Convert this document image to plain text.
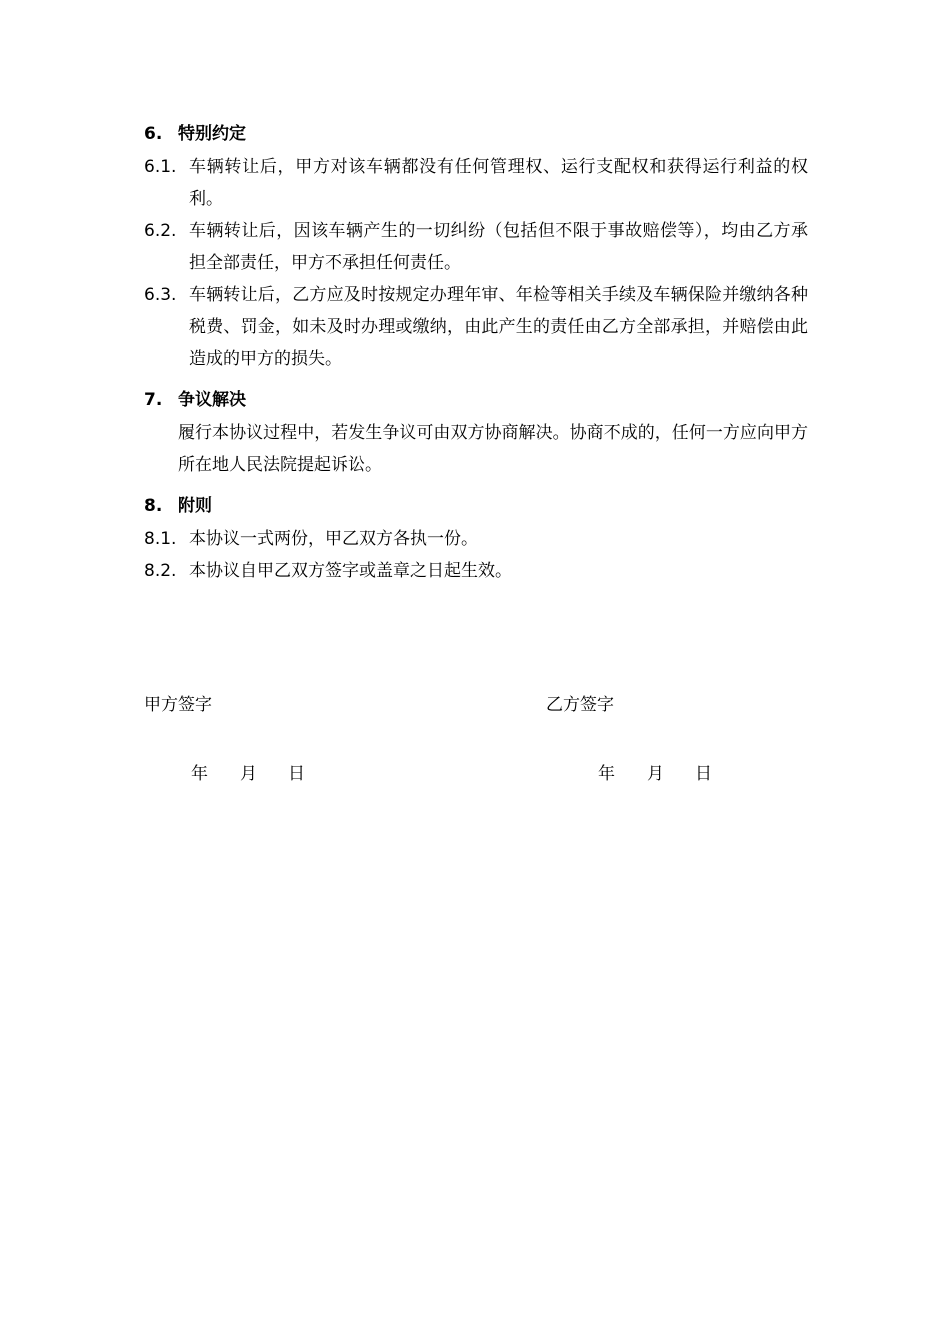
6. 特别约定
6.1. 车辆转让后，甲方对该车辆都没有任何管理权、运行支配权和获得运行利益的权利。
6.2. 车辆转让后，因该车辆产生的一切纠纷（包括但不限于事故赔偿等），均由乙方承担全部责任，甲方不承担任何责任。
6.3. 车辆转让后，乙方应及时按规定办理年审、年检等相关手续及车辆保险并缴纳各种税费、罚金，如未及时办理或缴纳，由此产生的责任由乙方全部承担，并赔偿由此造成的甲方的损失。
7. 争议解决
履行本协议过程中，若发生争议可由双方协商解决。协商不成的，任何一方应向甲方所在地人民法院提起诉讼。
8. 附则
8.1. 本协议一式两份，甲乙双方各执一份。
8.2. 本协议自甲乙双方签字或盖章之日起生效。
甲方签字	乙方签字
年	月	日	年	月	日
